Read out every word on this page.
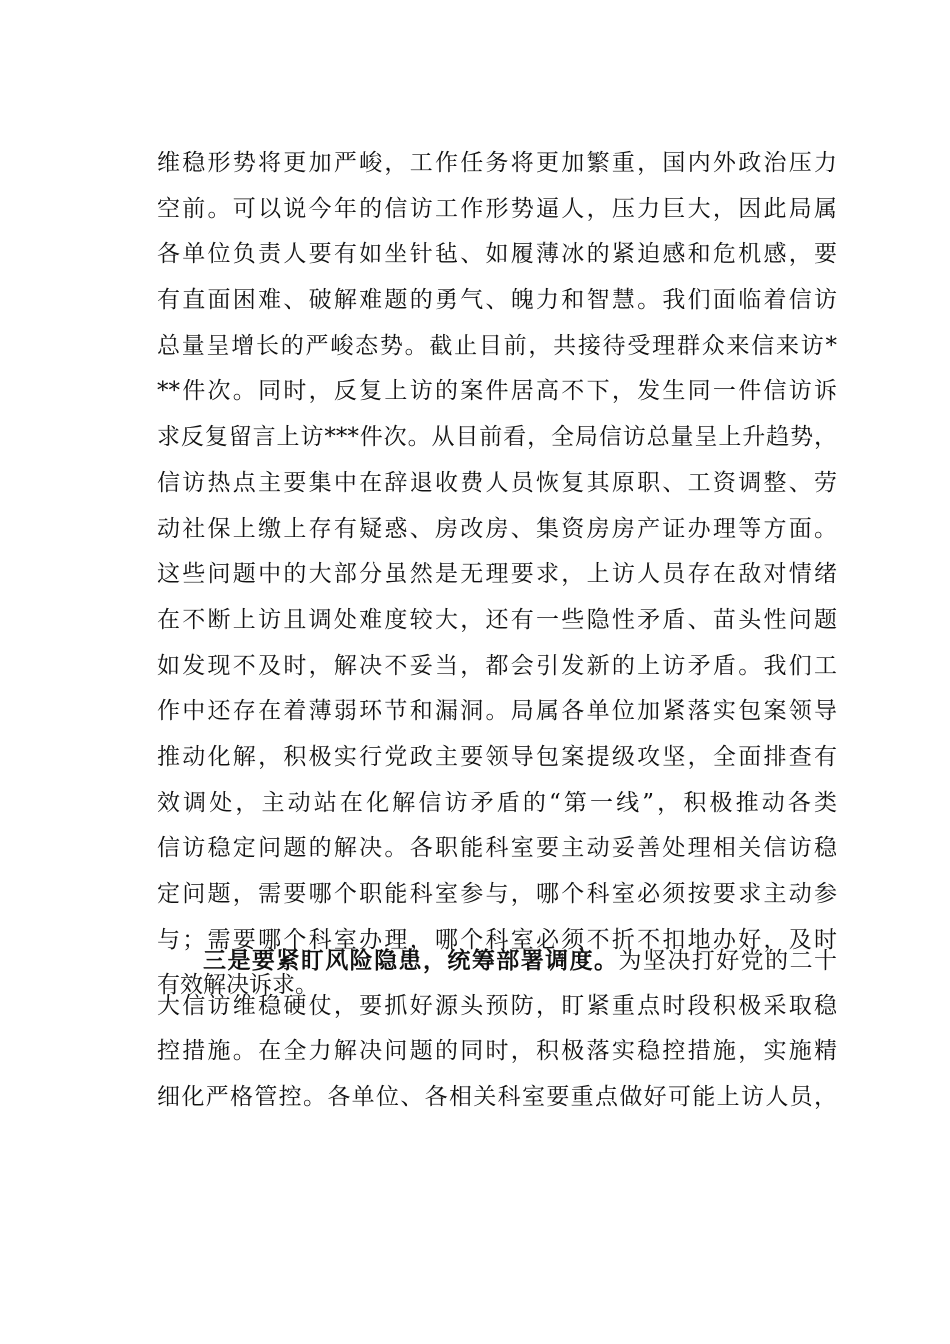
维稳形势将更加严峻，工作任务将更加繁重，国内外政治压力
空前。可以说今年的信访工作形势逼人，压力巨大，因此局属
各单位负责人要有如坐针毡、如履薄冰的紧迫感和危机感，要
有直面困难、破解难题的勇气、魄力和智慧。我们面临着信访
总量呈增长的严峻态势。截止目前，共接待受理群众来信来访*
**件次。同时，反复上访的案件居高不下，发生同一件信访诉
求反复留言上访***件次。从目前看，全局信访总量呈上升趋势，
信访热点主要集中在辞退收费人员恢复其原职、工资调整、劳
动社保上缴上存有疑惑、房改房、集资房房产证办理等方面。
这些问题中的大部分虽然是无理要求，上访人员存在敌对情绪
在不断上访且调处难度较大，还有一些隐性矛盾、苗头性问题
如发现不及时，解决不妥当，都会引发新的上访矛盾。我们工
作中还存在着薄弱环节和漏洞。局属各单位加紧落实包案领导
推动化解，积极实行党政主要领导包案提级攻坚，全面排查有
效调处，主动站在化解信访矛盾的“第一线”，积极推动各类
信访稳定问题的解决。各职能科室要主动妥善处理相关信访稳
定问题，需要哪个职能科室参与，哪个科室必须按要求主动参
与；需要哪个科室办理，哪个科室必须不折不扣地办好，及时
有效解决诉求。
三是要紧盯风险隐患，统筹部署调度。为坚决打好党的二十
大信访维稳硬仗，要抓好源头预防，盯紧重点时段积极采取稳
控措施。在全力解决问题的同时，积极落实稳控措施，实施精
细化严格管控。各单位、各相关科室要重点做好可能上访人员，
